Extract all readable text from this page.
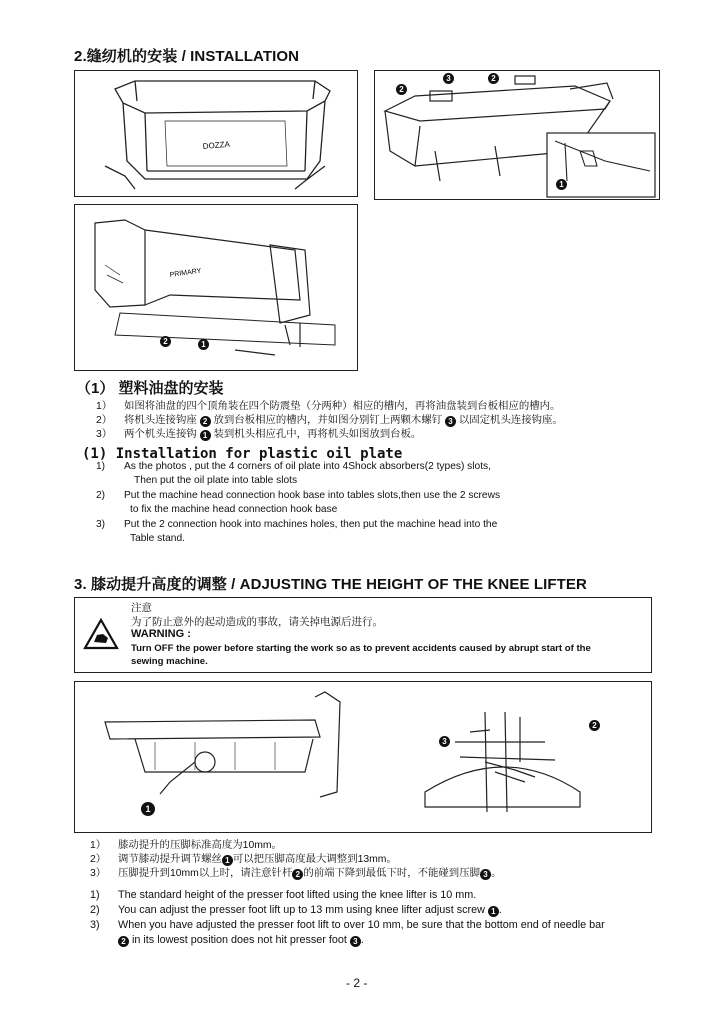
2.缝纫机的安装 / INSTALLATION
DOZZA
2
3	2
1
PRIMARY
2	1
（1） 塑料油盘的安装
1） 如图将油盘的四个顶角装在四个防震垫（分两种）相应的槽内，再将油盘装到台板相应的槽内。
2） 将机头连接钩座 2 放到台板相应的槽内，并如图分别钉上两颗木螺钉 3 以固定机头连接钩座。
3） 两个机头连接钩 1 装到机头相应孔中，再将机头如图放到台板。
(1) Installation for plastic oil plate
1) As the photos , put the 4 corners of oil plate into 4Shock absorbers(2 types) slots,
Then put the oil plate into table slots
2) Put the machine head connection hook base into tables slots,then use the 2 screws
to fix the machine head connection hook base
3) Put the 2 connection hook into machines holes, then put the machine head into the
Table stand.
3. 膝动提升高度的调整 / ADJUSTING THE HEIGHT OF THE KNEE LIFTER
注意
为了防止意外的起动造成的事故，请关掉电源后进行。
WARNING :
Turn OFF the power before starting the work so as to prevent accidents caused by abrupt start of the
sewing machine.
1
2
3
1） 膝动提升的压脚标准高度为10mm。
2） 调节膝动提升调节螺丝 1 可以把压脚高度最大调整到13mm。
3） 压脚提升到10mm以上时，请注意针杆 2 的前端下降到最低下时，不能碰到压脚 3 。
1) The standard height of the presser foot lifted using the knee lifter is 10 mm.
2) You can adjust the presser foot lift up to 13 mm using knee lifter adjust screw 1 .
3) When you have adjusted the presser foot lift to over 10 mm, be sure that the bottom end of needle bar
2 in its lowest position does not hit presser foot 3 .
- 2 -
